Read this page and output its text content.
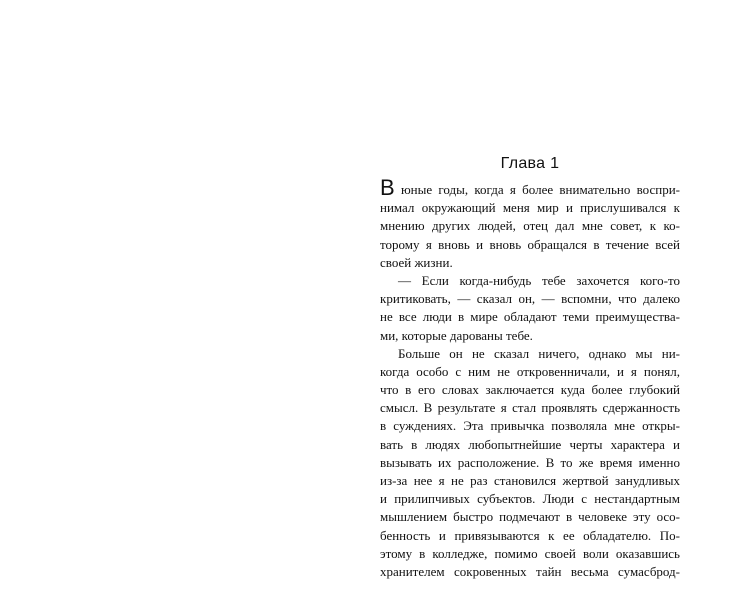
Глава 1
В юные годы, когда я более внимательно воспри-
нимал окружающий меня мир и прислушивался к
мнению других людей, отец дал мне совет, к ко-
торому я вновь и вновь обращался в течение всей
своей жизни.
— Если когда-нибудь тебе захочется кого-то
критиковать, — сказал он, — вспомни, что далеко
не все люди в мире обладают теми преимущества-
ми, которые дарованы тебе.
Больше он не сказал ничего, однако мы ни-
когда особо с ним не откровенничали, и я понял,
что в его словах заключается куда более глубокий
смысл. В результате я стал проявлять сдержанность
в суждениях. Эта привычка позволяла мне откры-
вать в людях любопытнейшие черты характера и
вызывать их расположение. В то же время именно
из-за нее я не раз становился жертвой занудливых
и прилипчивых субъектов. Люди с нестандартным
мышлением быстро подмечают в человеке эту осо-
бенность и привязываются к ее обладателю. По-
этому в колледже, помимо своей воли оказавшись
хранителем сокровенных тайн весьма сумасброд-
